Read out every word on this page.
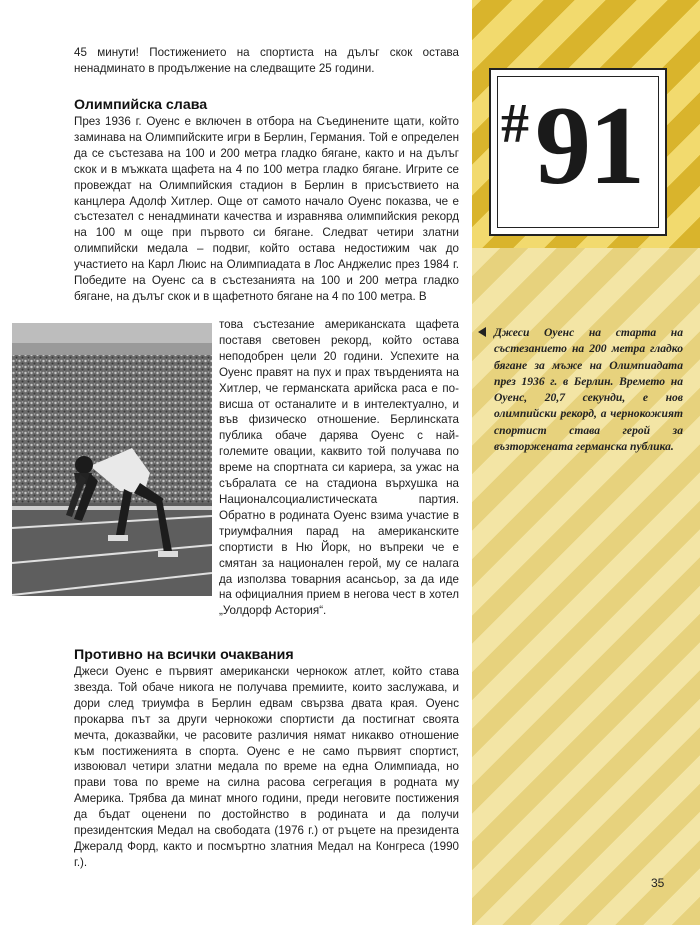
# 91

45 минути! Постижението на спортиста на дълъг скок остава ненадминато в продължение на следващите 25 години.

Олимпийска слава

През 1936 г. Оуенс е включен в отбора на Съединените щати, който заминава на Олимпийските игри в Берлин, Германия. Той е определен да се състезава на 100 и 200 метра гладко бягане, както и на дълъг скок и в мъжката щафета на 4 по 100 метра гладко бягане. Игрите се провеждат на Олимпийския стадион в Берлин в присъствието на канцлера Адолф Хитлер. Още от самото начало Оуенс показва, че е състезател с ненадминати качества и изравнява олимпийския рекорд на 100 м още при първото си бягане. Следват четири златни олимпийски медала – подвиг, който остава недостижим чак до участието на Карл Люис на Олимпиадата в Лос Анджелис през 1984 г. Победите на Оуенс са в състезанията на 100 и 200 метра гладко бягане, на дълъг скок и в щафетното бягане на 4 по 100 метра. В

това състезание американската щафета поставя световен рекорд, който остава неподобрен цели 20 години. Успехите на Оуенс правят на пух и прах твърденията на Хитлер, че германската арийска раса е по-висша от останалите и в интелектуално, и във физическо отношение. Берлинската публика обаче дарява Оуенс с най-големите овации, каквито той получава по време на спортната си кариера, за ужас на събралата се на стадиона върхушка на Националсоциалистическата партия. Обратно в родината Оуенс взима участие в триумфалния парад на американските спортисти в Ню Йорк, но въпреки че е смятан за национален герой, му се налага да използва товарния асансьор, за да иде на официалния прием в негова чест в хотел „Уолдорф Астория“.

Противно на всички очаквания

Джеси Оуенс е първият американски чернокож атлет, който става звезда. Той обаче никога не получава премиите, които заслужава, и дори след триумфа в Берлин едвам свързва двата края. Оуенс прокарва път за други чернокожи спортисти да постигнат своята мечта, доказвайки, че расовите различия нямат никакво отношение към постиженията в спорта. Оуенс е не само първият спортист, извоювал четири златни медала по време на една Олимпиада, но прави това по време на силна расова сегрегация в родната му Америка. Трябва да минат много години, преди неговите постижения да бъдат оценени по достойнство в родината и да получи президентския Медал на свободата (1976 г.) от ръцете на президента Джералд Форд, както и посмъртно златния Медал на Конгреса (1990 г.).

Джеси Оуенс на старта на състезанието на 200 метра гладко бягане за мъже на Олимпиадата през 1936 г. в Берлин. Времето на Оуенс, 20,7 секунди, е нов олимпийски рекорд, а чернокожият спортист става герой за възторжената германска публика.

35
